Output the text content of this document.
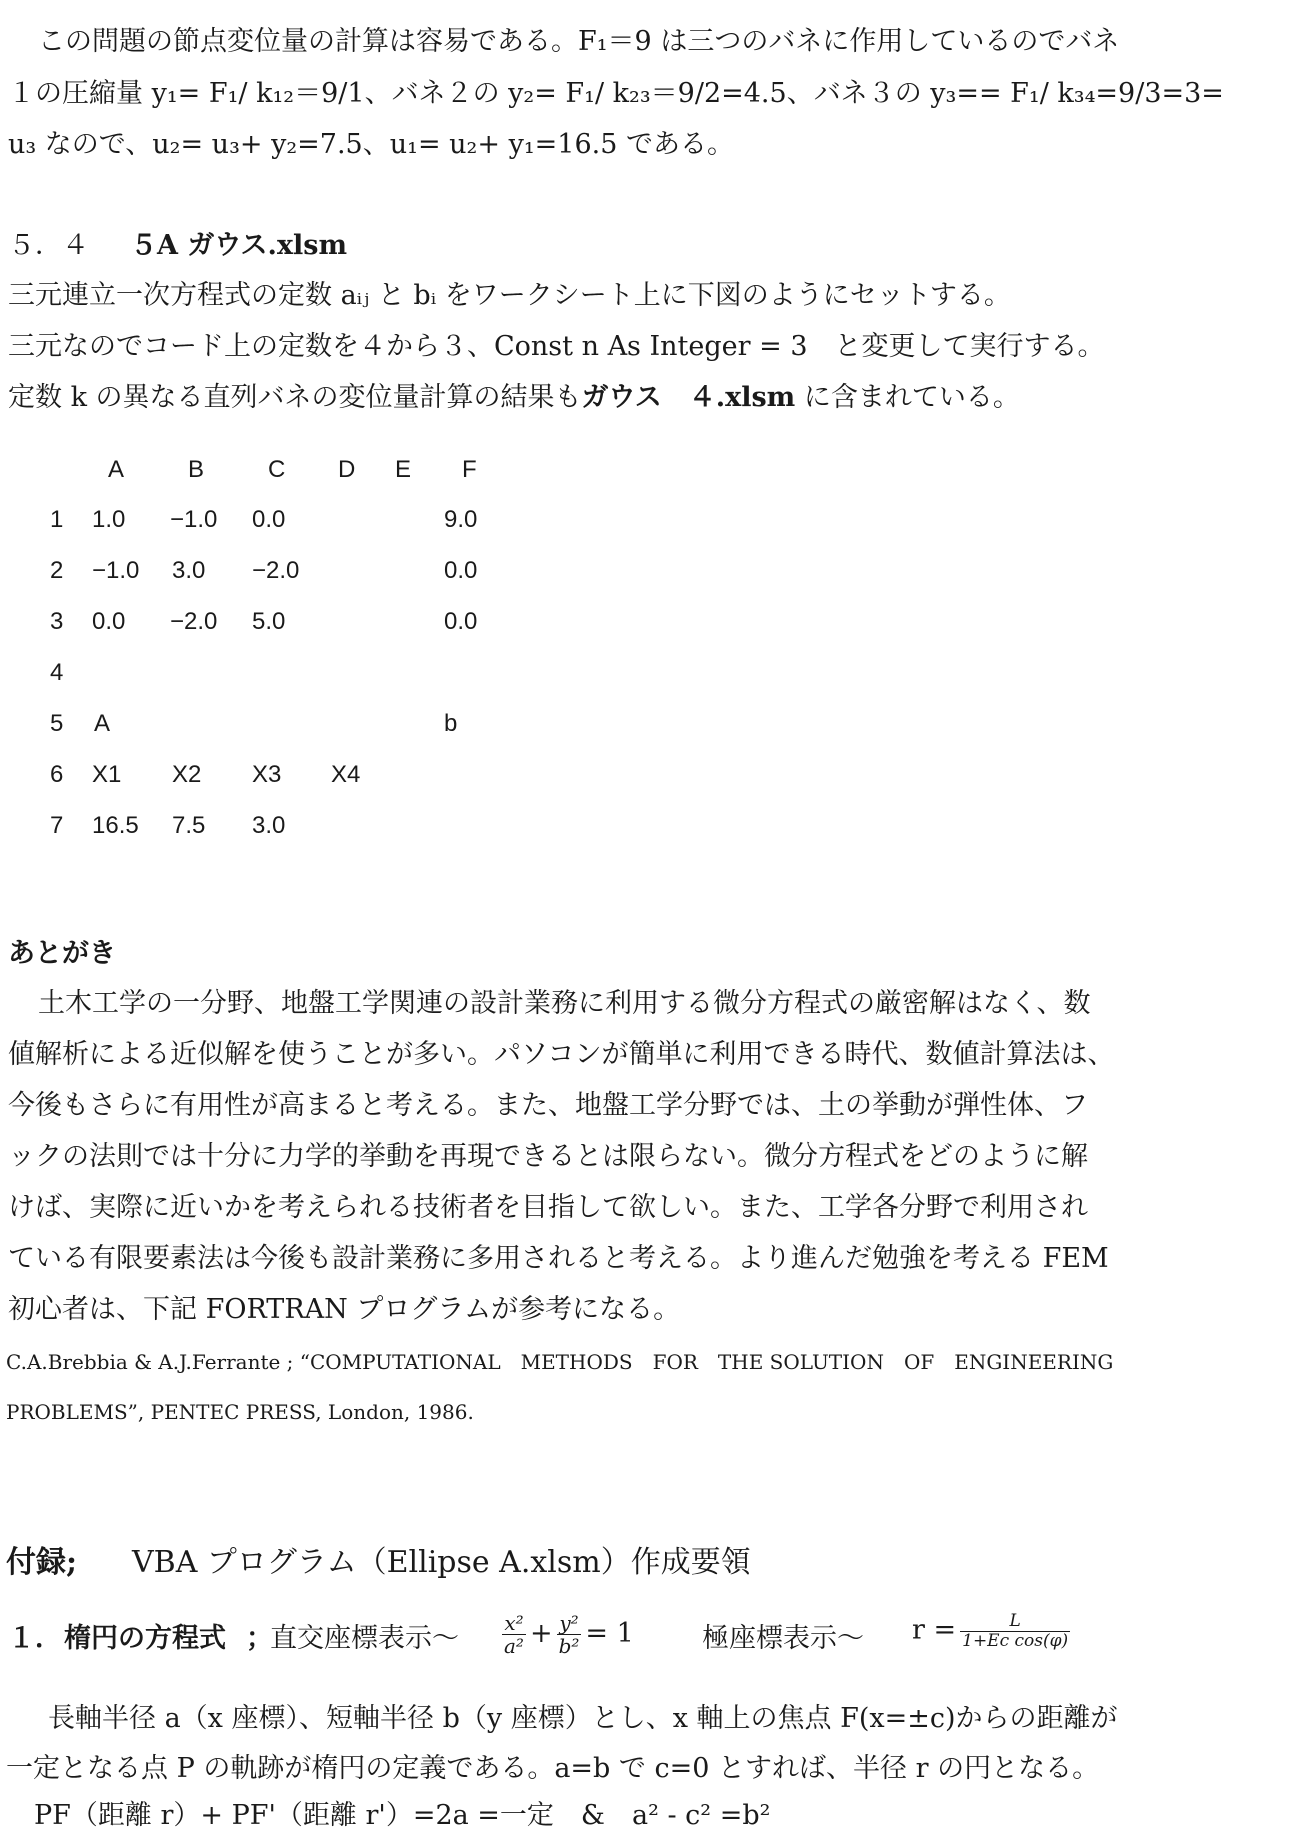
この問題の節点変位量の計算は容易である。F₁＝9 は三つのバネに作用しているのでバネ
１の圧縮量 y₁= F₁/ k₁₂＝9/1、バネ２の y₂= F₁/ k₂₃＝9/2=4.5、バネ３の y₃== F₁/ k₃₄=9/3=3=
u₃ なので、u₂= u₃+ y₂=7.5、u₁= u₂+ y₁=16.5 である。
５．４ ５A ガウス.xlsm
三元連立一次方程式の定数 aᵢⱼ と bᵢ をワークシート上に下図のようにセットする。
三元なのでコード上の定数を４から３、Const n As Integer = 3　と変更して実行する。
定数 k の異なる直列バネの変位量計算の結果もガウス　４.xlsm に含まれている。
A	B	C D E F
1 1.0 −1.0 0.0	9.0
2 −1.0 3.0 −2.0	0.0
3 0.0 −2.0 5.0	0.0
4
5 A	b
6 X1 X2 X3 X4
7 16.5 7.5 3.0
あとがき
土木工学の一分野、地盤工学関連の設計業務に利用する微分方程式の厳密解はなく、数
値解析による近似解を使うことが多い。パソコンが簡単に利用できる時代、数値計算法は、
今後もさらに有用性が高まると考える。また、地盤工学分野では、土の挙動が弾性体、フ
ックの法則では十分に力学的挙動を再現できるとは限らない。微分方程式をどのように解
けば、実際に近いかを考えられる技術者を目指して欲しい。また、工学各分野で利用され
ている有限要素法は今後も設計業務に多用されると考える。より進んだ勉強を考える FEM
初心者は、下記 FORTRAN プログラムが参考になる。
C.A.Brebbia & A.J.Ferrante ; “COMPUTATIONAL　METHODS　FOR　THE SOLUTION　OF　ENGINEERING
PROBLEMS”, PENTEC PRESS, London, 1986.
付録; VBA プログラム（Ellipse A.xlsm）作成要領
１． 楕円の方程式 ；
直交座標表示～ $\frac{\text{x²}}{\text{a²}} + \frac{\text{y²}}{\text{b²}} = 1$	極座標表示～ $r = \frac{L}{\text{1+Ec cos(φ)}}$
長軸半径 a（x 座標）、短軸半径 b（y 座標）とし、x 軸上の焦点 F(x=±c)からの距離が
一定となる点 P の軌跡が楕円の定義である。a=b で c=0 とすれば、半径 r の円となる。
PF（距離 r）+ PF'（距離 r'）=2a =一定　&　a² - c² =b²
